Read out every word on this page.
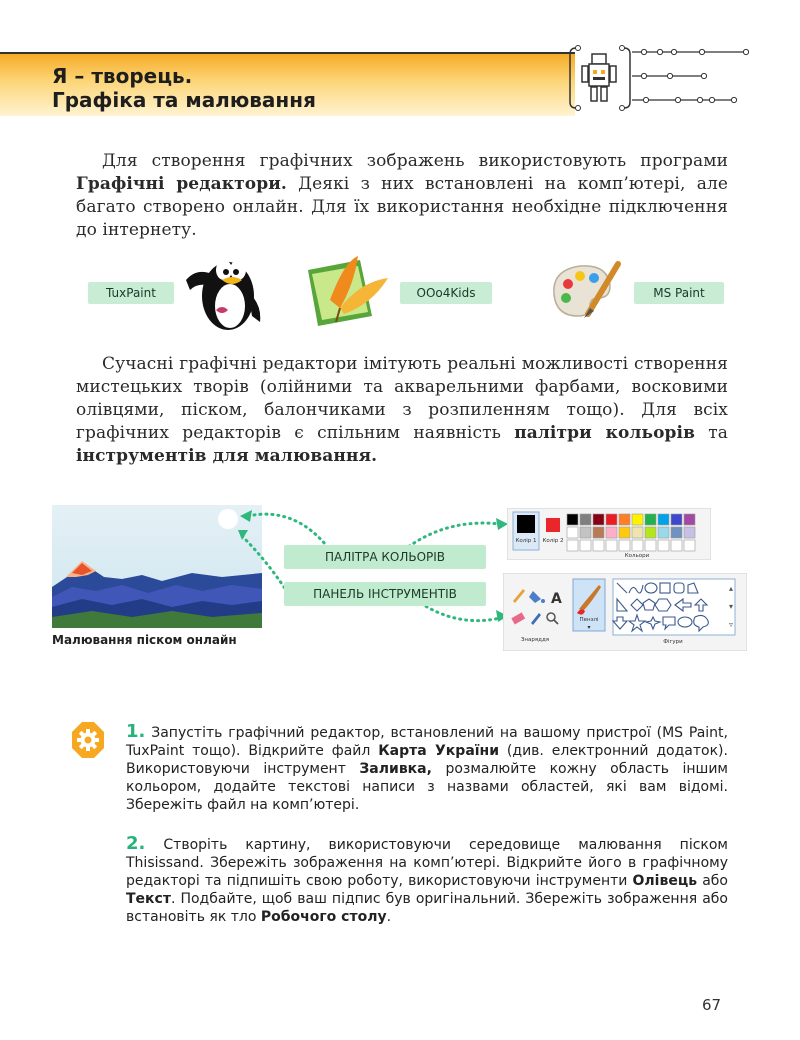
Я – творець.
Графіка та малювання

Для створення графічних зображень використовують програми Графічні редактори. Деякі з них встановлені на комп’ютері, але багато створено онлайн. Для їх використання необхідне підключення до інтернету.

TuxPaint	OOo4Kids	MS Paint

Сучасні графічні редактори імітують реальні можливості створення мистецьких творів (олійними та акварельними фарбами, восковими олівцями, піском, балончиками з розпиленням тощо). Для всіх графічних редакторів є спільним наявність палітри кольорів та інструментів для малювання.

Малювання піском онлайн
ПАЛІТРА КОЛЬОРІВ
ПАНЕЛЬ ІНСТРУМЕНТІВ
Колір 1 Колір 2
Кольори
A
Знаряддя
Пензлі
▾
▴
▾
▿
Фігури

1. Запустіть графічний редактор, встановлений на вашому пристрої (MS Paint, TuxPaint тощо). Відкрийте файл Карта України (див. електронний додаток). Використовуючи інструмент Заливка, розмалюйте кожну область іншим кольором, додайте текстові написи з назвами областей, які вам відомі. Збережіть файл на комп’ютері.

2. Створіть картину, використовуючи середовище малювання піском Thisissand. Збережіть зображення на комп’ютері. Відкрийте його в графічному редакторі та підпишіть свою роботу, використовуючи інструменти Олівець або Текст. Подбайте, щоб ваш підпис був оригінальний. Збережіть зображення або встановіть як тло Робочого столу.

67
